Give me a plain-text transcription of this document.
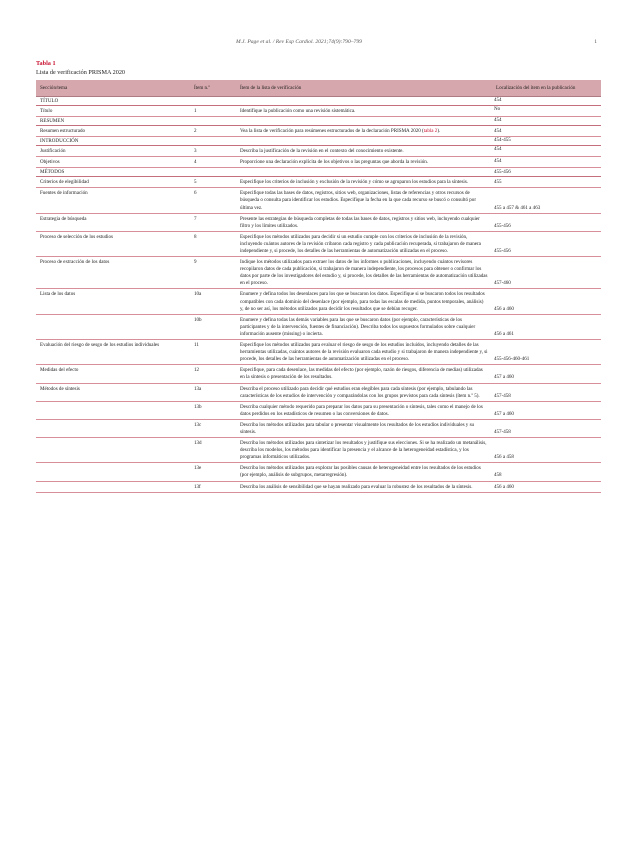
M.J. Page et al. / Rev Esp Cardiol. 2021;74(9):790–799	1
Tabla 1
Lista de verificación PRISMA 2020
Sección/tema	Ítem n.º	Ítem de la lista de verificación	Localización del ítem en la publicación
TÍTULO			454

Título	1	Identifique la publicación como una revisión sistemática.	No

RESUMEN			454

Resumen estructurado	2	Vea la lista de verificación para resúmenes estructurados de la declaración PRISMA 2020 (tabla 2).	454

INTRODUCCIÓN			454-455

Justificación	3	Describa la justificación de la revisión en el contexto del conocimiento existente.	454

Objetivos	4	Proporcione una declaración explícita de los objetivos o las preguntas que aborda la revisión.	454

MÉTODOS			455-456

Criterios de elegibilidad	5	Especifique los criterios de inclusión y exclusión de la revisión y cómo se agruparon los estudios para la síntesis.	455

Fuentes de información	6	Especifique todas las bases de datos, registros, sitios web, organizaciones, listas de referencias y otros recursos de búsqueda o consulta para identificar los estudios. Especifique la fecha en la que cada recurso se buscó o consultó por última vez.	455 a 457 & 461 a 463

Estrategia de búsqueda	7	Presente las estrategias de búsqueda completas de todas las bases de datos, registros y sitios web, incluyendo cualquier filtro y los límites utilizados.	455-456

Proceso de selección de los estudios	8	Especifique los métodos utilizados para decidir si un estudio cumple con los criterios de inclusión de la revisión, incluyendo cuántos autores de la revisión cribaron cada registro y cada publicación recuperada, si trabajaron de manera independiente y, si procede, los detalles de las herramientas de automatización utilizadas en el proceso.	455-456

Proceso de extracción de los datos	9	Indique los métodos utilizados para extraer los datos de los informes o publicaciones, incluyendo cuántos revisores recopilaron datos de cada publicación, si trabajaron de manera independiente, los procesos para obtener o confirmar los datos por parte de los investigadores del estudio y, si procede, los detalles de las herramientas de automatización utilizadas en el proceso.	457-460

Lista de los datos	10a	Enumere y defina todos los desenlaces para los que se buscaron los datos. Especifique si se buscaron todos los resultados compatibles con cada dominio del desenlace (por ejemplo, para todas las escalas de medida, puntos temporales, análisis) y, de no ser así, los métodos utilizados para decidir los resultados que se debían recoger.	456 a 460

	10b	Enumere y defina todas las demás variables para las que se buscaron datos (por ejemplo, características de los participantes y de la intervención, fuentes de financiación). Describa todos los supuestos formulados sobre cualquier información ausente (missing) o incierta.	456 a 461

Evaluación del riesgo de sesgo de los estudios individuales	11	Especifique los métodos utilizados para evaluar el riesgo de sesgo de los estudios incluidos, incluyendo detalles de las herramientas utilizadas, cuántos autores de la revisión evaluaron cada estudio y si trabajaron de manera independiente y, si procede, los detalles de las herramientas de automatización utilizadas en el proceso.	455-456-460-461

Medidas del efecto	12	Especifique, para cada desenlace, las medidas del efecto (por ejemplo, razón de riesgos, diferencia de medias) utilizadas en la síntesis o presentación de los resultados.	457 a 460

Métodos de síntesis	13a	Describa el proceso utilizado para decidir qué estudios eran elegibles para cada síntesis (por ejemplo, tabulando las características de los estudios de intervención y comparándolas con los grupos previstos para cada síntesis (ítem n.º 5).	457-458

	13b	Describa cualquier método requerido para preparar los datos para su presentación o síntesis, tales como el manejo de los datos perdidos en los estadísticos de resumen o las conversiones de datos.	457 a 460

	13c	Describa los métodos utilizados para tabular o presentar visualmente los resultados de los estudios individuales y su síntesis.	457-458

	13d	Describa los métodos utilizados para sintetizar los resultados y justifique sus elecciones. Si se ha realizado un metanálisis, describa los modelos, los métodos para identificar la presencia y el alcance de la heterogeneidad estadística, y los programas informáticos utilizados.	456 a 458

	13e	Describa los métodos utilizados para explorar las posibles causas de heterogeneidad entre los resultados de los estudios (por ejemplo, análisis de subgrupos, metarregresión).	458

	13f	Describa los análisis de sensibilidad que se hayan realizado para evaluar la robustez de los resultados de la síntesis.	456 a 460
